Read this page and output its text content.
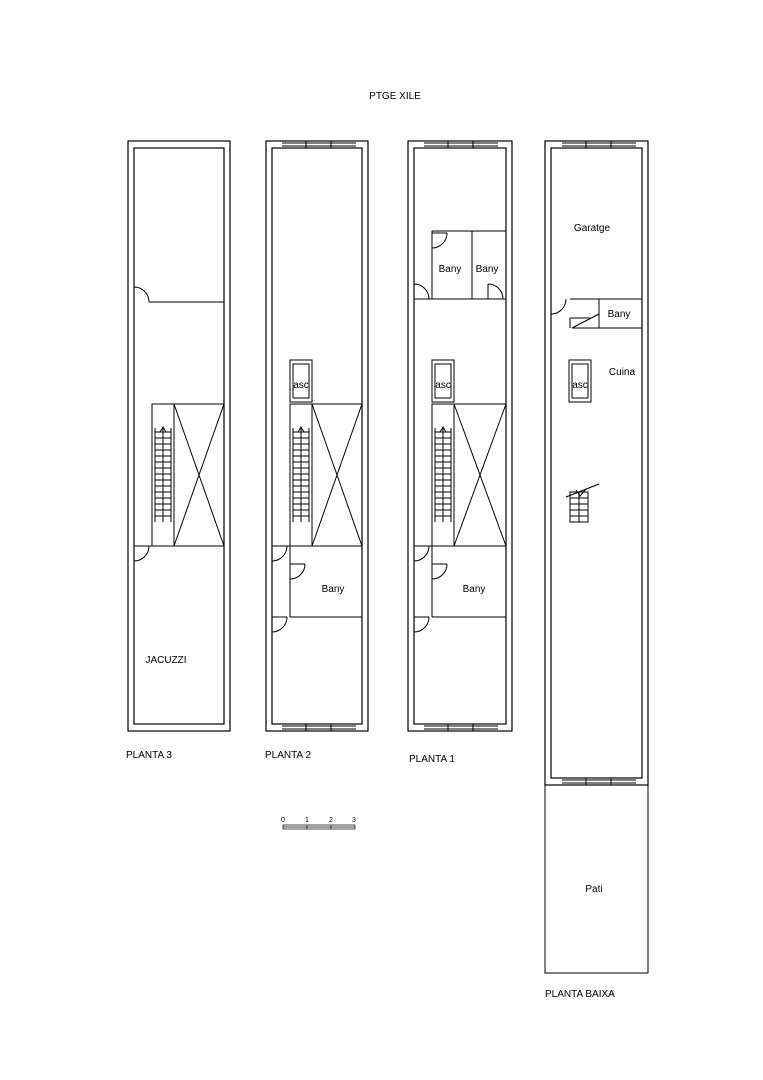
PTGE XILE
JACUZZI
PLANTA 3
asc
Bany
PLANTA 2
Bany Bany
asc
Bany
PLANTA 1
Garatge
Bany
asc
Cuina
Pati
PLANTA BAIXA
0	1	2	3
